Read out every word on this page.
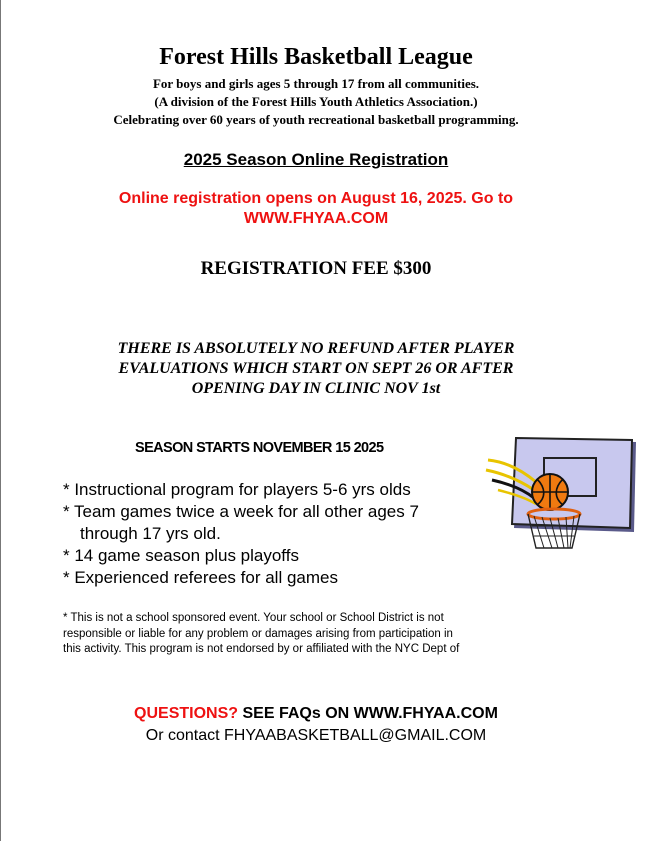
Forest Hills Basketball League
For boys and girls ages 5 through 17 from all communities.
(A division of the Forest Hills Youth Athletics Association.)
Celebrating over 60 years of youth recreational basketball programming.
2025 Season Online Registration
Online registration opens on August 16, 2025. Go to
WWW.FHYAA.COM
REGISTRATION FEE $300
THERE IS ABSOLUTELY NO REFUND AFTER PLAYER
EVALUATIONS WHICH START ON SEPT 26 OR AFTER
OPENING DAY IN CLINIC NOV 1st
SEASON STARTS NOVEMBER 15 2025
* Instructional program for players 5-6 yrs olds
* Team games twice a week for all other ages 7
through 17 yrs old.
* 14 game season plus playoffs
* Experienced referees for all games
* This is not a school sponsored event. Your school or School District is not
responsible or liable for any problem or damages arising from participation in
this activity. This program is not endorsed by or affiliated with the NYC Dept of
QUESTIONS? SEE FAQs ON WWW.FHYAA.COM
Or contact FHYAABASKETBALL@GMAIL.COM
